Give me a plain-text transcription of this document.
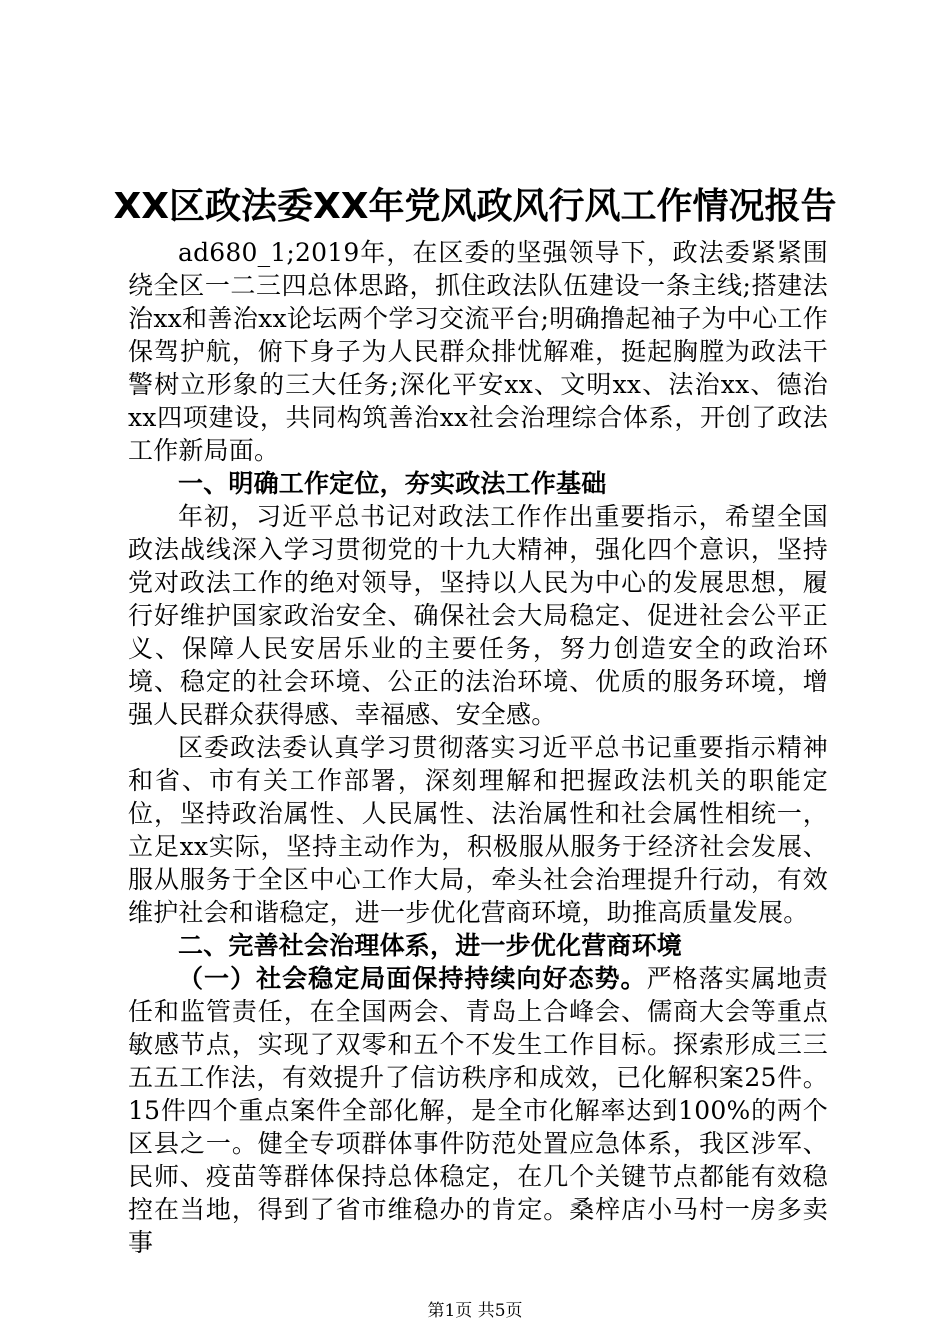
XX区政法委XX年党风政风行风工作情况报告

ad680_1;2019年，在区委的坚强领导下，政法委紧紧围绕全区一二三四总体思路，抓住政法队伍建设一条主线;搭建法治xx和善治xx论坛两个学习交流平台;明确撸起袖子为中心工作保驾护航，俯下身子为人民群众排忧解难，挺起胸膛为政法干警树立形象的三大任务;深化平安xx、文明xx、法治xx、德治xx四项建设，共同构筑善治xx社会治理综合体系，开创了政法工作新局面。

一、明确工作定位，夯实政法工作基础

年初，习近平总书记对政法工作作出重要指示，希望全国政法战线深入学习贯彻党的十九大精神，强化四个意识，坚持党对政法工作的绝对领导，坚持以人民为中心的发展思想，履行好维护国家政治安全、确保社会大局稳定、促进社会公平正义、保障人民安居乐业的主要任务，努力创造安全的政治环境、稳定的社会环境、公正的法治环境、优质的服务环境，增强人民群众获得感、幸福感、安全感。

区委政法委认真学习贯彻落实习近平总书记重要指示精神和省、市有关工作部署，深刻理解和把握政法机关的职能定位，坚持政治属性、人民属性、法治属性和社会属性相统一，立足xx实际，坚持主动作为，积极服从服务于经济社会发展、服从服务于全区中心工作大局，牵头社会治理提升行动，有效维护社会和谐稳定，进一步优化营商环境，助推高质量发展。

二、完善社会治理体系，进一步优化营商环境

（一）社会稳定局面保持持续向好态势。严格落实属地责任和监管责任，在全国两会、青岛上合峰会、儒商大会等重点敏感节点，实现了双零和五个不发生工作目标。探索形成三三五五工作法，有效提升了信访秩序和成效，已化解积案25件。15件四个重点案件全部化解，是全市化解率达到100%的两个区县之一。健全专项群体事件防范处置应急体系，我区涉军、民师、疫苗等群体保持总体稳定，在几个关键节点都能有效稳控在当地，得到了省市维稳办的肯定。桑梓店小马村一房多卖事

第1页 共5页
